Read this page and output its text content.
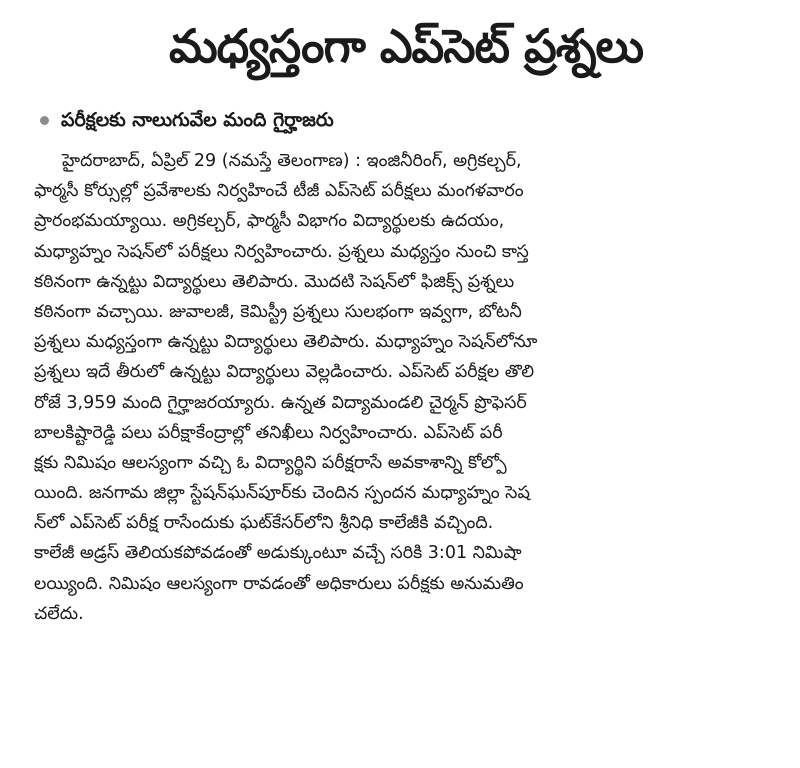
మధ్యస్తంగా ఎప్‌సెట్ ప్రశ్నలు
పరీక్షలకు నాలుగువేల మంది గైర్హాజరు
హైదరాబాద్, ఏప్రిల్ 29 (నమస్తే తెలంగాణ) : ఇంజినీరింగ్, అగ్రికల్చర్,
ఫార్మసీ కోర్సుల్లో ప్రవేశాలకు నిర్వహించే టీజీ ఎప్‌సెట్ పరీక్షలు మంగళవారం
ప్రారంభమయ్యాయి. అగ్రికల్చర్, ఫార్మసీ విభాగం విద్యార్థులకు ఉదయం,
మధ్యాహ్నం సెషన్‌లో పరీక్షలు నిర్వహించారు. ప్రశ్నలు మధ్యస్తం నుంచి కాస్త
కఠినంగా ఉన్నట్టు విద్యార్థులు తెలిపారు. మొదటి సెషన్‌లో ఫిజిక్స్ ప్రశ్నలు
కఠినంగా వచ్చాయి. జువాలజీ, కెమిస్ట్రీ ప్రశ్నలు సులభంగా ఇవ్వగా, బోటనీ
ప్రశ్నలు మధ్యస్తంగా ఉన్నట్టు విద్యార్థులు తెలిపారు. మధ్యాహ్నం సెషన్‌లోనూ
ప్రశ్నలు ఇదే తీరులో ఉన్నట్టు విద్యార్థులు వెల్లడించారు. ఎప్‌సెట్ పరీక్షల తొలి
రోజే 3,959 మంది గైర్హాజరయ్యారు. ఉన్నత విద్యామండలి చైర్మన్ ప్రొఫెసర్
బాలకిష్టారెడ్డి పలు పరీక్షాకేంద్రాల్లో తనిఖీలు నిర్వహించారు. ఎప్‌సెట్ పరీ
క్షకు నిమిషం ఆలస్యంగా వచ్చి ఓ విద్యార్థిని పరీక్షరాసే అవకాశాన్ని కోల్పో
యింది. జనగామ జిల్లా స్టేషన్‌ఘన్‌పూర్‌కు చెందిన స్పందన మధ్యాహ్నం సెష
న్‌లో ఎప్‌సెట్ పరీక్ష రాసేందుకు ఘట్‌కేసర్‌లోని శ్రీనిధి కాలేజీకి వచ్చింది.
కాలేజీ అడ్రస్ తెలియకపోవడంతో అడుక్కుంటూ వచ్చే సరికి 3:01 నిమిషా
లయ్యింది. నిమిషం ఆలస్యంగా రావడంతో అధికారులు పరీక్షకు అనుమతిం
చలేదు.
